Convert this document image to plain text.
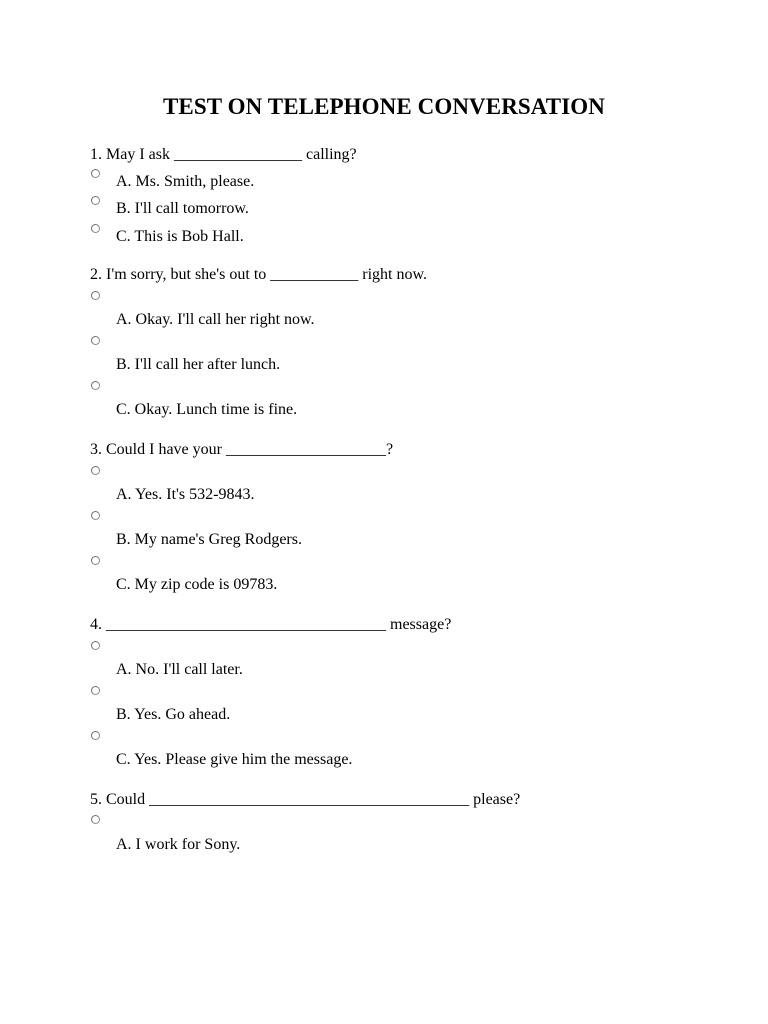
TEST ON TELEPHONE CONVERSATION
1. May I ask ________________ calling?
A. Ms. Smith, please.
B. I'll call tomorrow.
C. This is Bob Hall.
2. I'm sorry, but she's out to ___________ right now.
A. Okay. I'll call her right now.
B. I'll call her after lunch.
C. Okay. Lunch time is fine.
3. Could I have your ____________________?
A. Yes. It's 532-9843.
B. My name's Greg Rodgers.
C. My zip code is 09783.
4. ___________________________________ message?
A. No. I'll call later.
B. Yes. Go ahead.
C. Yes. Please give him the message.
5. Could ________________________________________ please?
A. I work for Sony.
